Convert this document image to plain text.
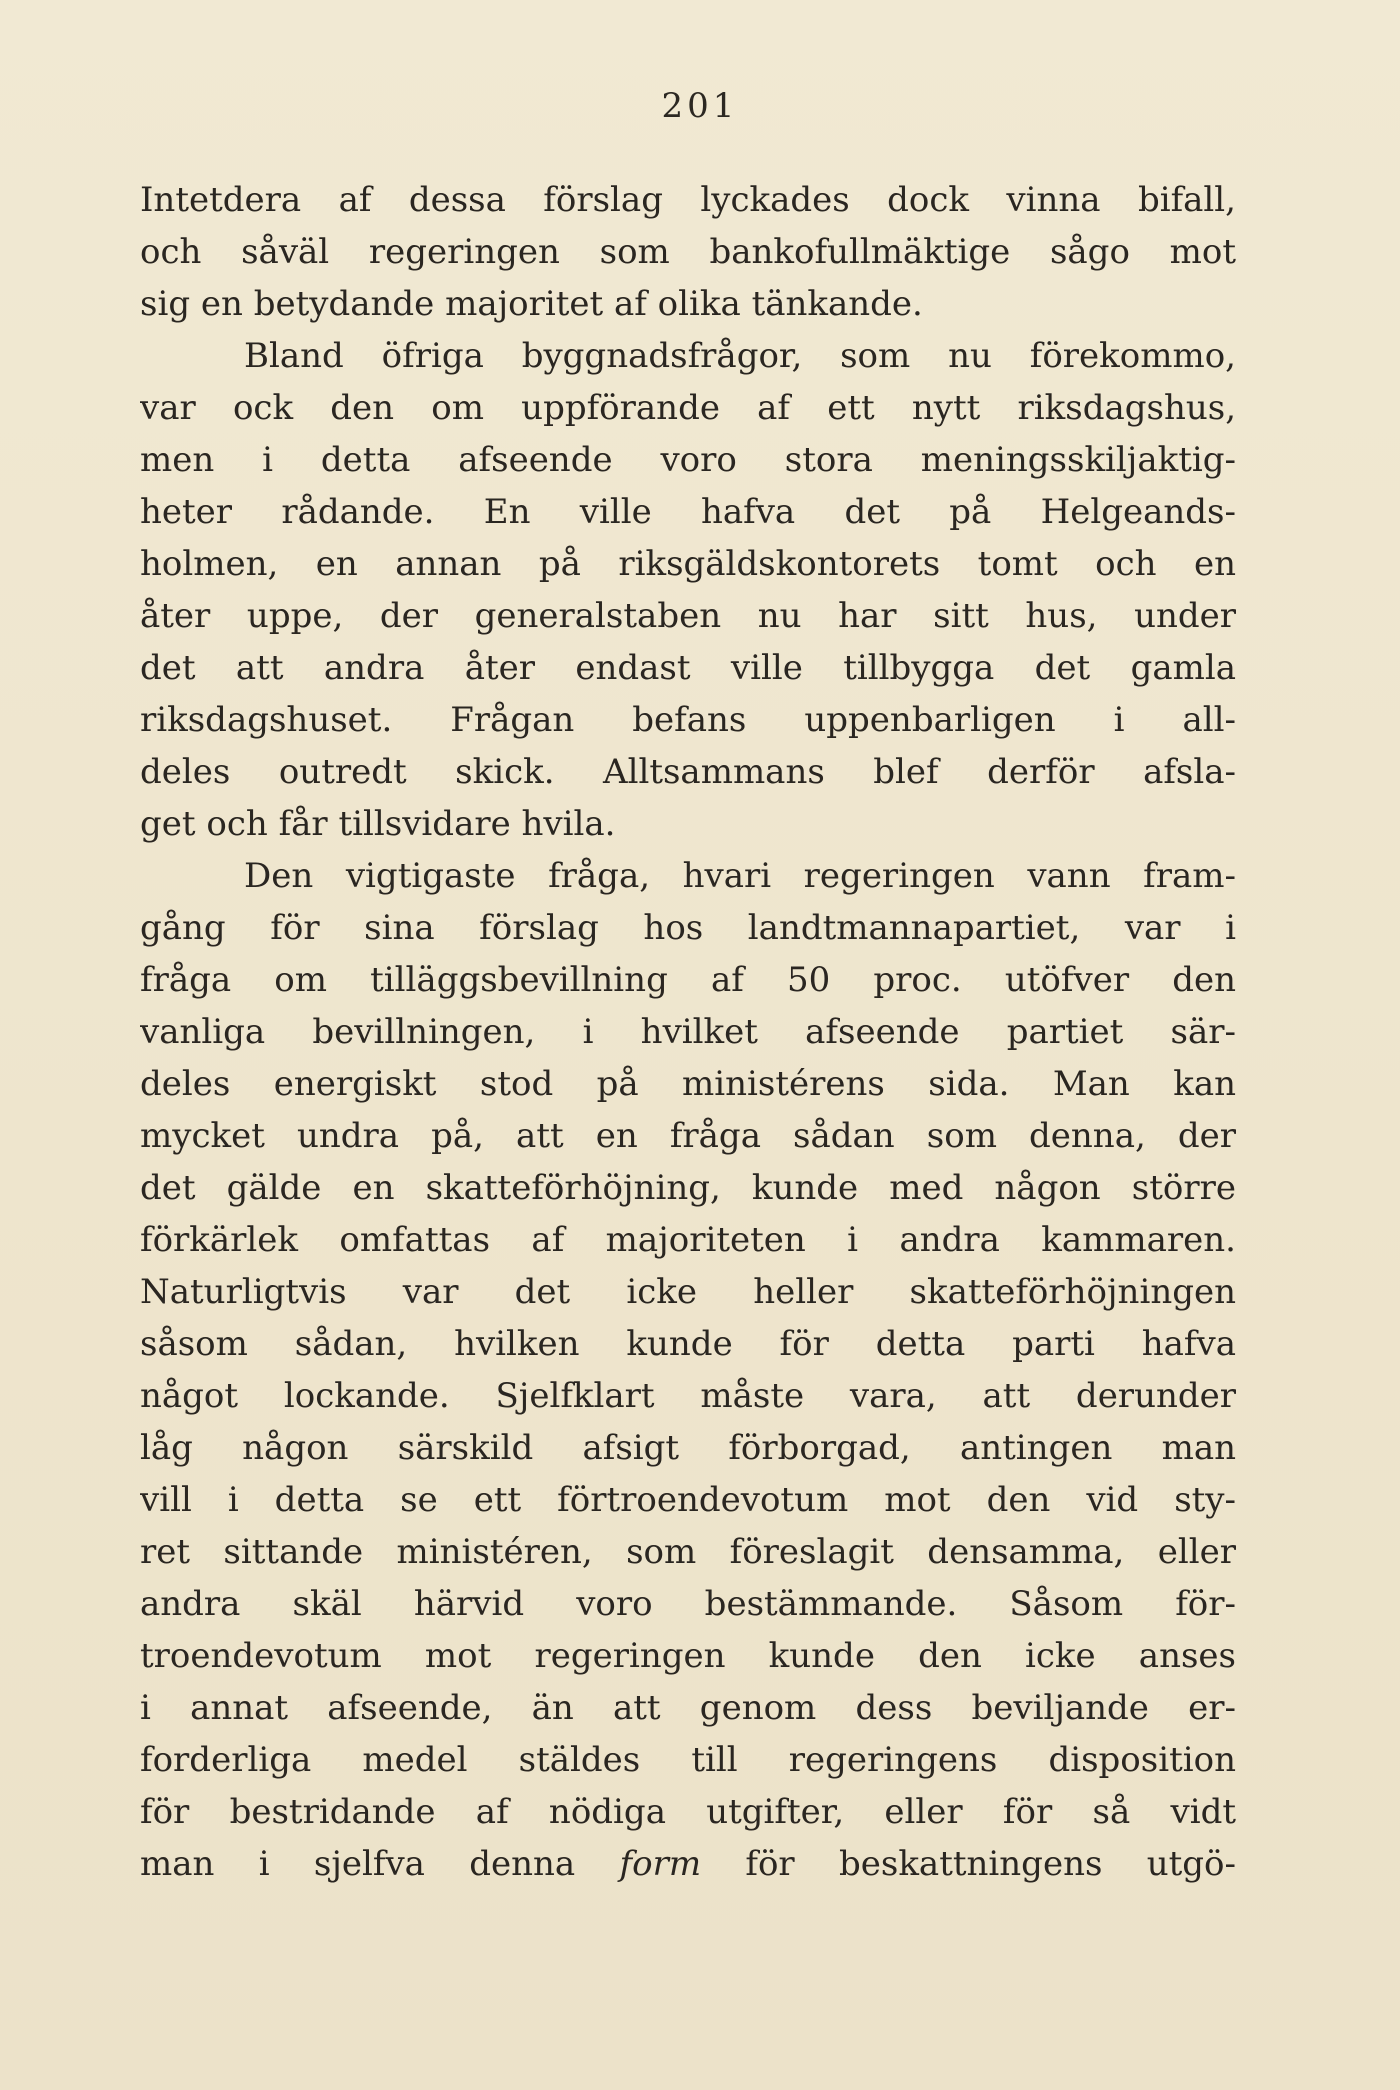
201
Intetdera af dessa förslag lyckades dock vinna bifall,
och såväl regeringen som bankofullmäktige sågo mot
sig en betydande majoritet af olika tänkande.
Bland öfriga byggnadsfrågor, som nu förekommo,
var ock den om uppförande af ett nytt riksdagshus,
men i detta afseende voro stora meningsskiljaktig-
heter rådande. En ville hafva det på Helgeands-
holmen, en annan på riksgäldskontorets tomt och en
åter uppe, der generalstaben nu har sitt hus, under
det att andra åter endast ville tillbygga det gamla
riksdagshuset. Frågan befans uppenbarligen i all-
deles outredt skick. Alltsammans blef derför afsla-
get och får tillsvidare hvila.
Den vigtigaste fråga, hvari regeringen vann fram-
gång för sina förslag hos landtmannapartiet, var i
fråga om tilläggsbevillning af 50 proc. utöfver den
vanliga bevillningen, i hvilket afseende partiet sär-
deles energiskt stod på ministérens sida. Man kan
mycket undra på, att en fråga sådan som denna, der
det gälde en skatteförhöjning, kunde med någon större
förkärlek omfattas af majoriteten i andra kammaren.
Naturligtvis var det icke heller skatteförhöjningen
såsom sådan, hvilken kunde för detta parti hafva
något lockande. Sjelfklart måste vara, att derunder
låg någon särskild afsigt förborgad, antingen man
vill i detta se ett förtroendevotum mot den vid sty-
ret sittande ministéren, som föreslagit densamma, eller
andra skäl härvid voro bestämmande. Såsom för-
troendevotum mot regeringen kunde den icke anses
i annat afseende, än att genom dess beviljande er-
forderliga medel stäldes till regeringens disposition
för bestridande af nödiga utgifter, eller för så vidt
man i sjelfva denna form för beskattningens utgö-
